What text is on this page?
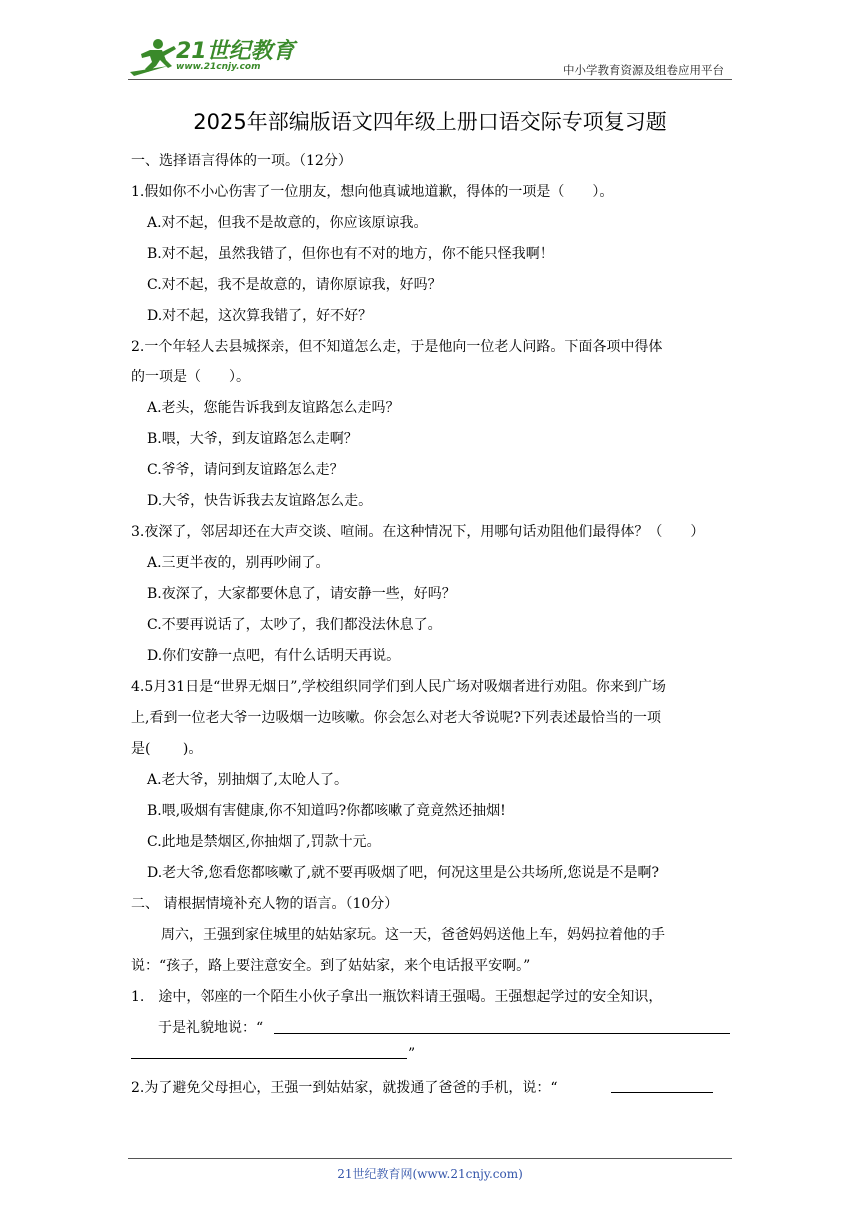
21世纪教育
www.21cnjy.com	中小学教育资源及组卷应用平台
2025年部编版语文四年级上册口语交际专项复习题
一、选择语言得体的一项。（12分）
1.假如你不小心伤害了一位朋友，想向他真诚地道歉，得体的一项是（　　）。
A.对不起，但我不是故意的，你应该原谅我。
B.对不起，虽然我错了，但你也有不对的地方，你不能只怪我啊！
C.对不起，我不是故意的，请你原谅我，好吗？
D.对不起，这次算我错了，好不好？
2.一个年轻人去县城探亲，但不知道怎么走，于是他向一位老人问路。下面各项中得体
的一项是（　　）。
A.老头，您能告诉我到友谊路怎么走吗？
B.喂，大爷，到友谊路怎么走啊？
C.爷爷，请问到友谊路怎么走？
D.大爷，快告诉我去友谊路怎么走。
3.夜深了，邻居却还在大声交谈、喧闹。在这种情况下，用哪句话劝阻他们最得体？（　　）
A.三更半夜的，别再吵闹了。
B.夜深了，大家都要休息了，请安静一些，好吗？
C.不要再说话了，太吵了，我们都没法休息了。
D.你们安静一点吧，有什么话明天再说。
4.5月31日是“世界无烟日”,学校组织同学们到人民广场对吸烟者进行劝阻。你来到广场
上,看到一位老大爷一边吸烟一边咳嗽。你会怎么对老大爷说呢?下列表述最恰当的一项
是(　　 )。
A.老大爷，别抽烟了,太呛人了。
B.喂,吸烟有害健康,你不知道吗?你都咳嗽了竟竟然还抽烟!
C.此地是禁烟区,你抽烟了,罚款十元。
D.老大爷,您看您都咳嗽了,就不要再吸烟了吧，何况这里是公共场所,您说是不是啊?
二、 请根据情境补充人物的语言。（10分）
周六，王强到家住城里的姑姑家玩。这一天，爸爸妈妈送他上车，妈妈拉着他的手
说：“孩子，路上要注意安全。到了姑姑家，来个电话报平安啊。”
1.　途中，邻座的一个陌生小伙子拿出一瓶饮料请王强喝。王强想起学过的安全知识，
于是礼貌地说：“
”
2.为了避免父母担心，王强一到姑姑家，就拨通了爸爸的手机，说：“
21世纪教育网(www.21cnjy.com)
